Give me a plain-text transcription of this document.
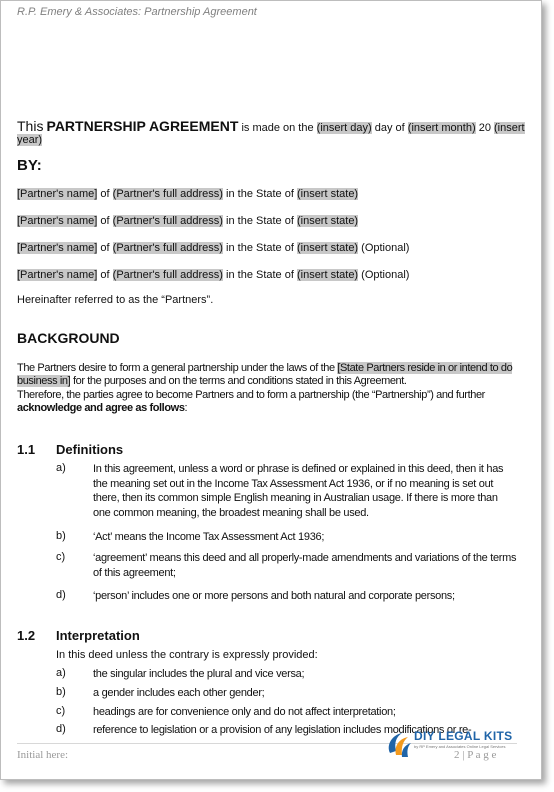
R.P. Emery & Associates: Partnership Agreement
This PARTNERSHIP AGREEMENT is made on the (insert day) day of (insert month) 20 (insert year)
BY:
[Partner's name] of (Partner's full address) in the State of (insert state)
[Partner's name] of (Partner's full address) in the State of (insert state)
[Partner's name] of (Partner's full address) in the State of (insert state) (Optional)
[Partner's name] of (Partner's full address) in the State of (insert state) (Optional)
Hereinafter referred to as the “Partners”.
BACKGROUND
The Partners desire to form a general partnership under the laws of the [State Partners reside in or intend to do business in] for the purposes and on the terms and conditions stated in this Agreement.
Therefore, the parties agree to become Partners and to form a partnership (the “Partnership”) and further acknowledge and agree as follows:
1.1 Definitions
a) In this agreement, unless a word or phrase is defined or explained in this deed, then it has the meaning set out in the Income Tax Assessment Act 1936, or if no meaning is set out there, then its common simple English meaning in Australian usage. If there is more than one common meaning, the broadest meaning shall be used.
b) ‘Act’ means the Income Tax Assessment Act 1936;
c)	‘agreement’ means this deed and all properly-made amendments and variations of the terms of this agreement;
d) ‘person’ includes one or more persons and both natural and corporate persons;
1.2 Interpretation
In this deed unless the contrary is expressly provided:
a) the singular includes the plural and vice versa;
b) a gender includes each other gender;
c)	headings are for convenience only and do not affect interpretation;
d) reference to legislation or a provision of any legislation includes modifications or re-
Initial here:	2 | P a g e
DIY LEGAL KITS
by RP Emery and Associates Online Legal Services
